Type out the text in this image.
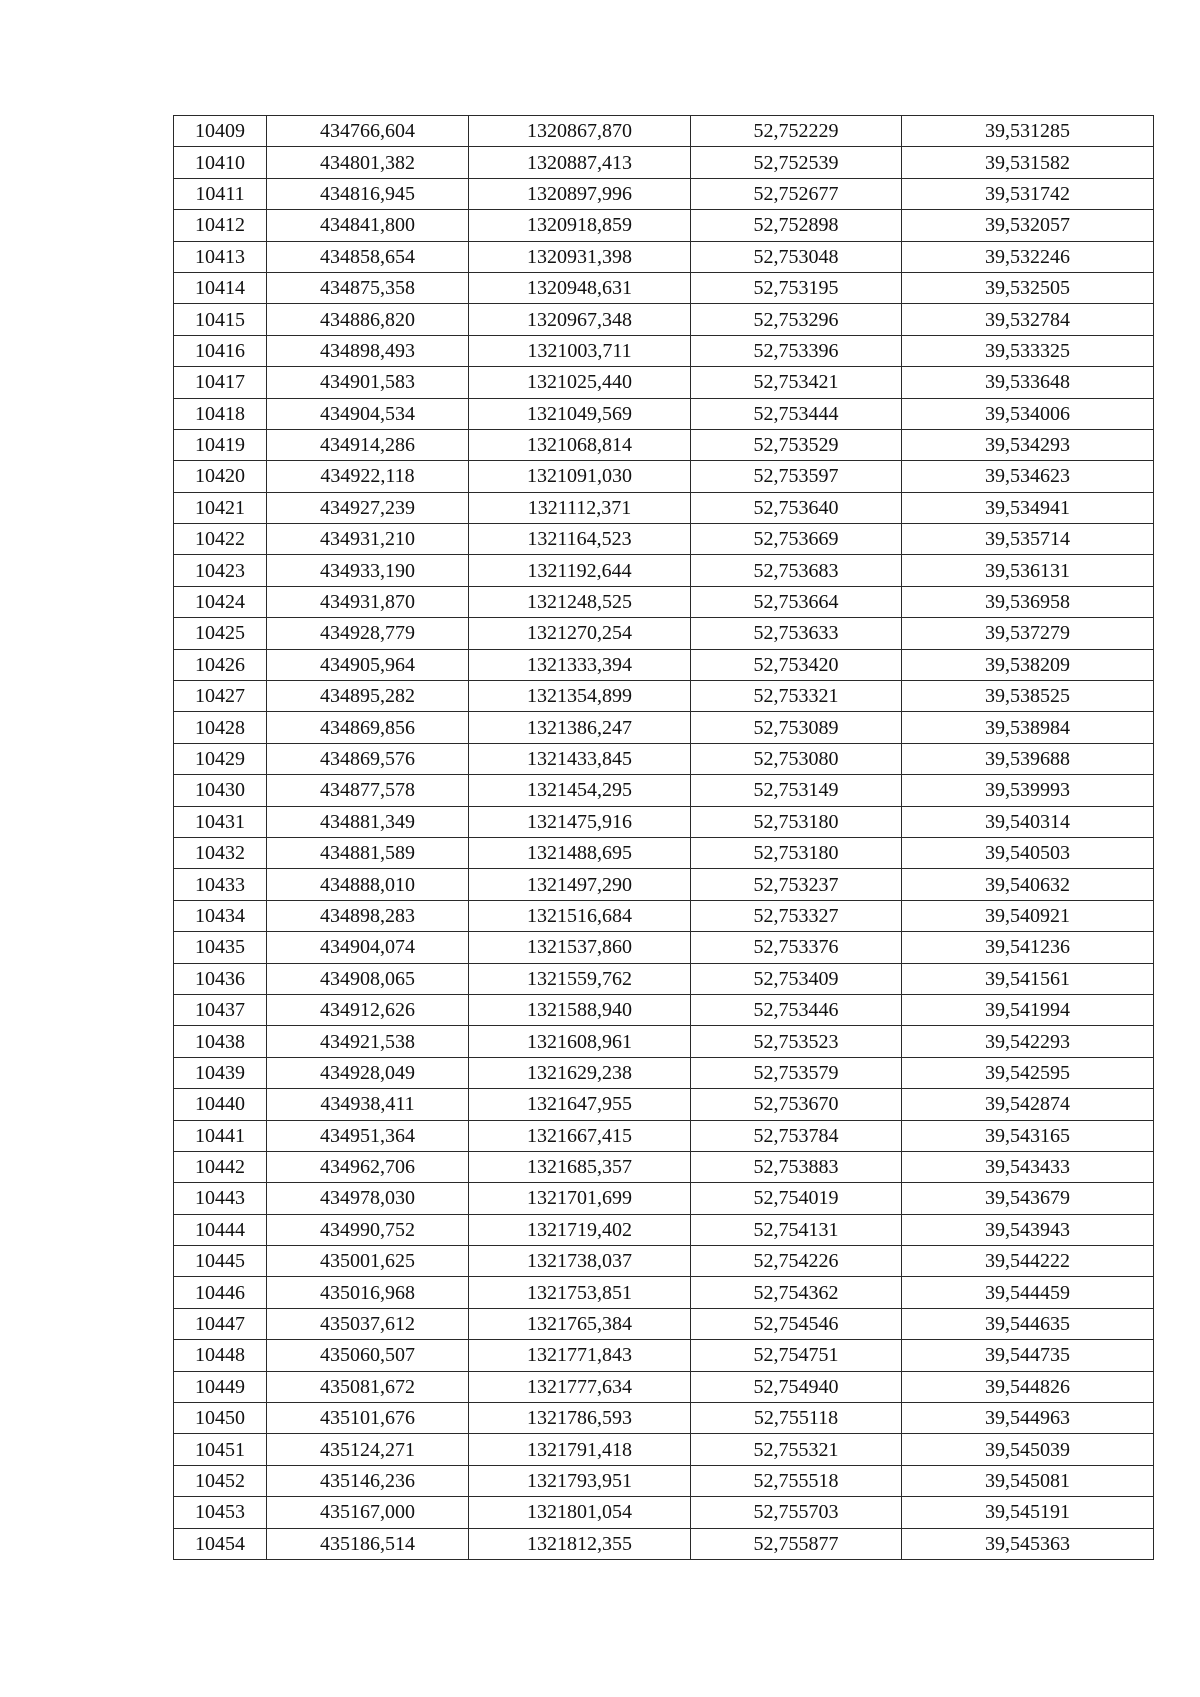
10409	434766,604	1320867,870	52,752229	39,531285
10410	434801,382	1320887,413	52,752539	39,531582
10411	434816,945	1320897,996	52,752677	39,531742
10412	434841,800	1320918,859	52,752898	39,532057
10413	434858,654	1320931,398	52,753048	39,532246
10414	434875,358	1320948,631	52,753195	39,532505
10415	434886,820	1320967,348	52,753296	39,532784
10416	434898,493	1321003,711	52,753396	39,533325
10417	434901,583	1321025,440	52,753421	39,533648
10418	434904,534	1321049,569	52,753444	39,534006
10419	434914,286	1321068,814	52,753529	39,534293
10420	434922,118	1321091,030	52,753597	39,534623
10421	434927,239	1321112,371	52,753640	39,534941
10422	434931,210	1321164,523	52,753669	39,535714
10423	434933,190	1321192,644	52,753683	39,536131
10424	434931,870	1321248,525	52,753664	39,536958
10425	434928,779	1321270,254	52,753633	39,537279
10426	434905,964	1321333,394	52,753420	39,538209
10427	434895,282	1321354,899	52,753321	39,538525
10428	434869,856	1321386,247	52,753089	39,538984
10429	434869,576	1321433,845	52,753080	39,539688
10430	434877,578	1321454,295	52,753149	39,539993
10431	434881,349	1321475,916	52,753180	39,540314
10432	434881,589	1321488,695	52,753180	39,540503
10433	434888,010	1321497,290	52,753237	39,540632
10434	434898,283	1321516,684	52,753327	39,540921
10435	434904,074	1321537,860	52,753376	39,541236
10436	434908,065	1321559,762	52,753409	39,541561
10437	434912,626	1321588,940	52,753446	39,541994
10438	434921,538	1321608,961	52,753523	39,542293
10439	434928,049	1321629,238	52,753579	39,542595
10440	434938,411	1321647,955	52,753670	39,542874
10441	434951,364	1321667,415	52,753784	39,543165
10442	434962,706	1321685,357	52,753883	39,543433
10443	434978,030	1321701,699	52,754019	39,543679
10444	434990,752	1321719,402	52,754131	39,543943
10445	435001,625	1321738,037	52,754226	39,544222
10446	435016,968	1321753,851	52,754362	39,544459
10447	435037,612	1321765,384	52,754546	39,544635
10448	435060,507	1321771,843	52,754751	39,544735
10449	435081,672	1321777,634	52,754940	39,544826
10450	435101,676	1321786,593	52,755118	39,544963
10451	435124,271	1321791,418	52,755321	39,545039
10452	435146,236	1321793,951	52,755518	39,545081
10453	435167,000	1321801,054	52,755703	39,545191
10454	435186,514	1321812,355	52,755877	39,545363
